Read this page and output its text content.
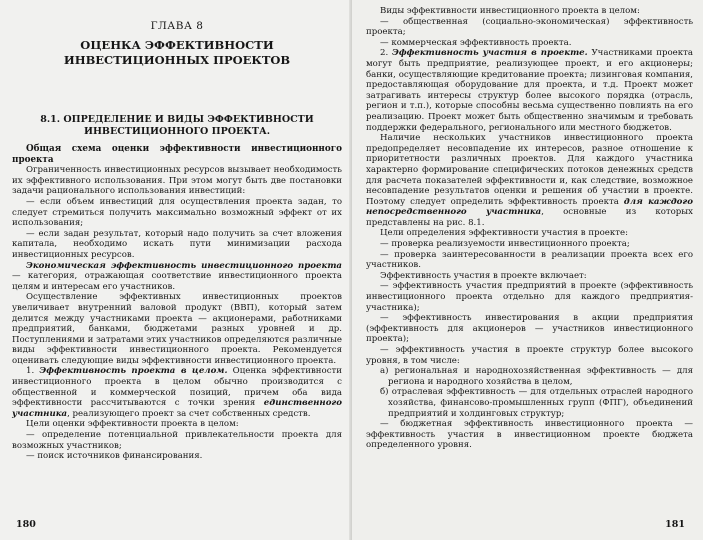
ГЛАВА 8
ОЦЕНКА ЭФФЕКТИВНОСТИ
ИНВЕСТИЦИОННЫХ ПРОЕКТОВ
8.1. ОПРЕДЕЛЕНИЕ И ВИДЫ ЭФФЕКТИВНОСТИ
ИНВЕСТИЦИОННОГО ПРОЕКТА.

Общая схема оценки эффективности инвестиционного проекта

Ограниченность инвестиционных ресурсов вызывает необходимость их эффективного использования. При этом могут быть две постановки задачи рационального использования инвестиций:

— если объем инвестиций для осуществления проекта задан, то следует стремиться получить максимально возможный эффект от их использования;

— если задан результат, который надо получить за счет вложения капитала, необходимо искать пути минимизации расхода инвестиционных ресурсов.

Экономическая эффективность инвестиционного проекта — категория, отражающая соответствие инвестиционного проекта целям и интересам его участников.

Осуществление эффективных инвестиционных проектов увеличивает внутренний валовой продукт (ВВП), который затем делится между участниками проекта — акционерами, работниками предприятий, банками, бюджетами разных уровней и др. Поступлениями и затратами этих участников определяются различные виды эффективности инвестиционного проекта. Рекомендуется оценивать следующие виды эффективности инвестиционного проекта.

1. Эффективность проекта в целом. Оценка эффективности инвестиционного проекта в целом обычно производится с общественной и коммерческой позиций, причем оба вида эффективности рассчитываются с точки зрения единственного участника, реализующего проект за счет собственных средств.

Цели оценки эффективности проекта в целом:

— определение потенциальной привлекательности проекта для возможных участников;

— поиск источников финансирования.

180

Виды эффективности инвестиционного проекта в целом:

— общественная (социально-экономическая) эффективность проекта;

— коммерческая эффективность проекта.

2. Эффективность участия в проекте. Участниками проекта могут быть предприятие, реализующее проект, и его акционеры; банки, осуществляющие кредитование проекта; лизинговая компания, предоставляющая оборудование для проекта, и т.д. Проект может затрагивать интересы структур более высокого порядка (отрасль, регион и т.п.), которые способны весьма существенно повлиять на его реализацию. Проект может быть общественно значимым и требовать поддержки федерального, регионального или местного бюджетов.

Наличие нескольких участников инвестиционного проекта предопределяет несовпадение их интересов, разное отношение к приоритетности различных проектов. Для каждого участника характерно формирование специфических потоков денежных средств для расчета показателей эффективности и, как следствие, возможное несовпадение результатов оценки и решения об участии в проекте. Поэтому следует определить эффективность проекта для каждого непосредственного участника, основные из которых представлены на рис. 8.1.

Цели определения эффективности участия в проекте:

— проверка реализуемости инвестиционного проекта;

— проверка заинтересованности в реализации проекта всех его участников.

Эффективность участия в проекте включает:

— эффективность участия предприятий в проекте (эффективность инвестиционного проекта отдельно для каждого предприятия-участника);

— эффективность инвестирования в акции предприятия (эффективность для акционеров — участников инвестиционного проекта);

— эффективность участия в проекте структур более высокого уровня, в том числе:

а) региональная и народнохозяйственная эффективность — для региона и народного хозяйства в целом,

б) отраслевая эффективность — для отдельных отраслей народного хозяйства, финансово-промышленных групп (ФПГ), объединений предприятий и холдинговых структур;

— бюджетная эффективность инвестиционного проекта — эффективность участия в инвестиционном проекте бюджета определенного уровня.

181
